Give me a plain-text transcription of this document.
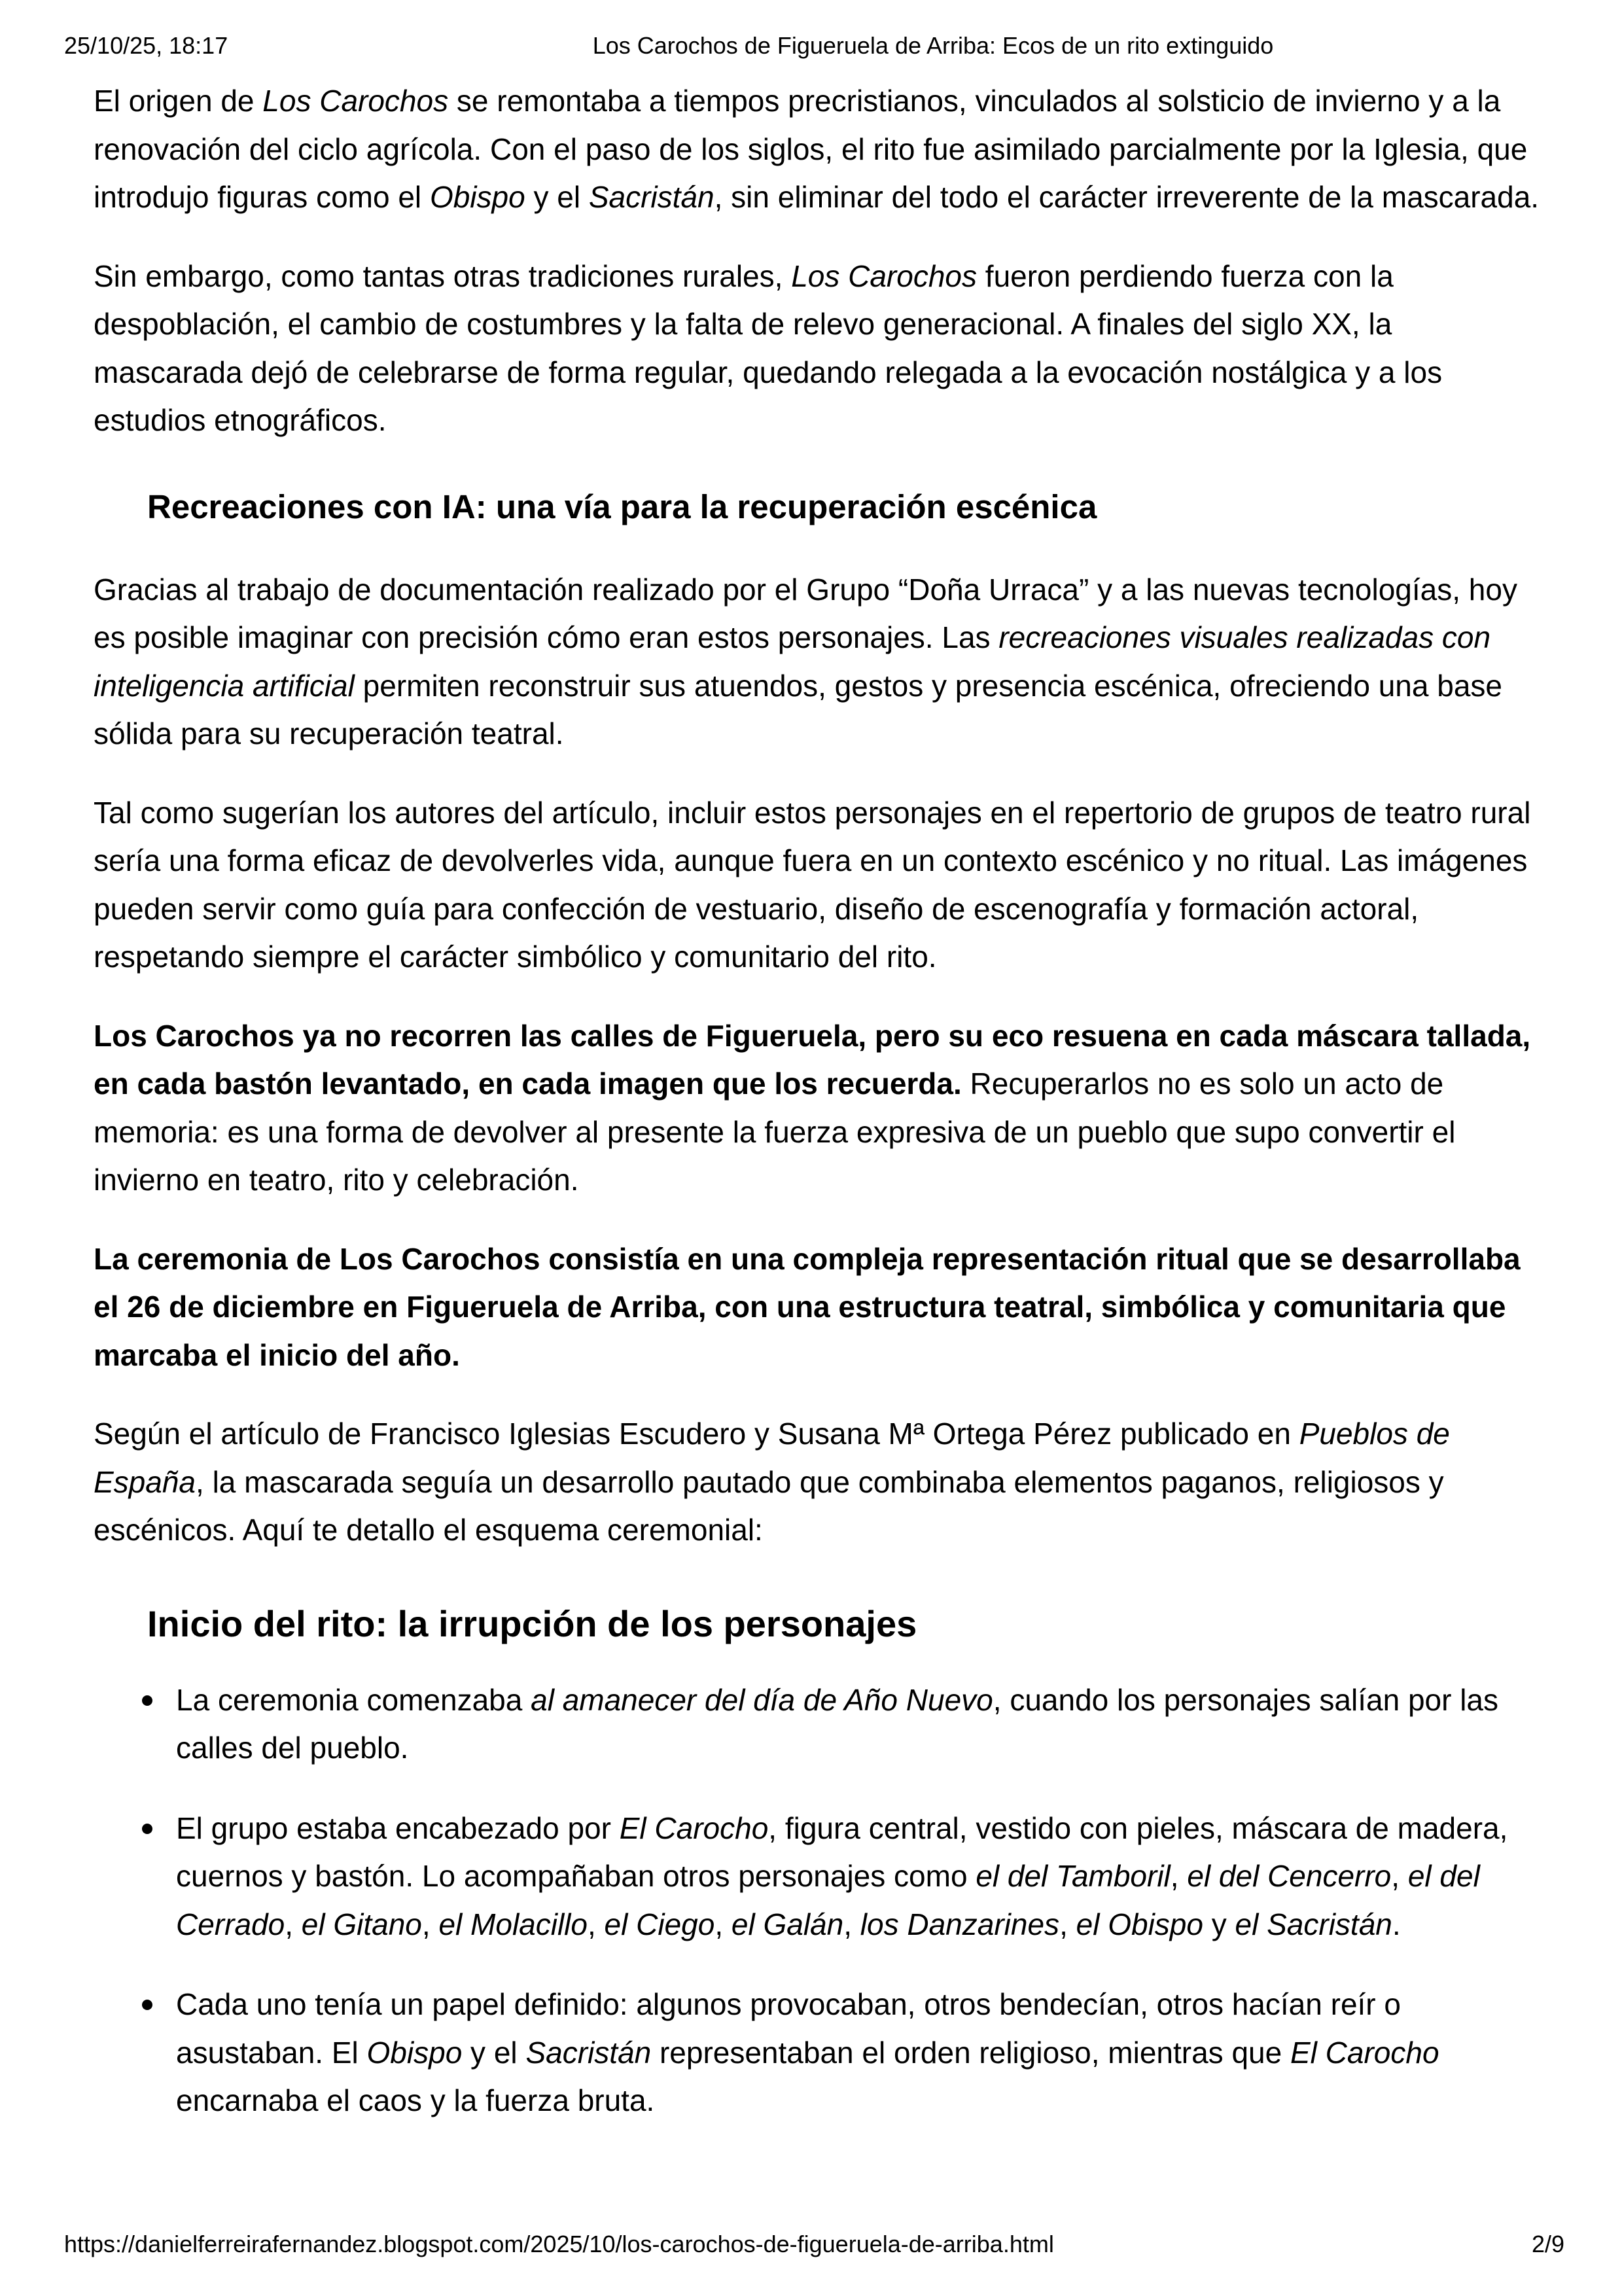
25/10/25, 18:17	Los Carochos de Figueruela de Arriba: Ecos de un rito extinguido

El origen de Los Carochos se remontaba a tiempos precristianos, vinculados al solsticio de invierno y a la renovación del ciclo agrícola. Con el paso de los siglos, el rito fue asimilado parcialmente por la Iglesia, que introdujo figuras como el Obispo y el Sacristán, sin eliminar del todo el carácter irreverente de la mascarada.

Sin embargo, como tantas otras tradiciones rurales, Los Carochos fueron perdiendo fuerza con la despoblación, el cambio de costumbres y la falta de relevo generacional. A finales del siglo XX, la mascarada dejó de celebrarse de forma regular, quedando relegada a la evocación nostálgica y a los estudios etnográficos.

Recreaciones con IA: una vía para la recuperación escénica

Gracias al trabajo de documentación realizado por el Grupo “Doña Urraca” y a las nuevas tecnologías, hoy es posible imaginar con precisión cómo eran estos personajes. Las recreaciones visuales realizadas con inteligencia artificial permiten reconstruir sus atuendos, gestos y presencia escénica, ofreciendo una base sólida para su recuperación teatral.

Tal como sugerían los autores del artículo, incluir estos personajes en el repertorio de grupos de teatro rural sería una forma eficaz de devolverles vida, aunque fuera en un contexto escénico y no ritual. Las imágenes pueden servir como guía para confección de vestuario, diseño de escenografía y formación actoral, respetando siempre el carácter simbólico y comunitario del rito.

Los Carochos ya no recorren las calles de Figueruela, pero su eco resuena en cada máscara tallada, en cada bastón levantado, en cada imagen que los recuerda. Recuperarlos no es solo un acto de memoria: es una forma de devolver al presente la fuerza expresiva de un pueblo que supo convertir el invierno en teatro, rito y celebración.

La ceremonia de Los Carochos consistía en una compleja representación ritual que se desarrollaba el 26 de diciembre en Figueruela de Arriba, con una estructura teatral, simbólica y comunitaria que marcaba el inicio del año.

Según el artículo de Francisco Iglesias Escudero y Susana Mª Ortega Pérez publicado en Pueblos de España, la mascarada seguía un desarrollo pautado que combinaba elementos paganos, religiosos y escénicos. Aquí te detallo el esquema ceremonial:

Inicio del rito: la irrupción de los personajes
La ceremonia comenzaba al amanecer del día de Año Nuevo, cuando los personajes salían por las calles del pueblo.
El grupo estaba encabezado por El Carocho, figura central, vestido con pieles, máscara de madera, cuernos y bastón. Lo acompañaban otros personajes como el del Tamboril, el del Cencerro, el del Cerrado, el Gitano, el Molacillo, el Ciego, el Galán, los Danzarines, el Obispo y el Sacristán.
Cada uno tenía un papel definido: algunos provocaban, otros bendecían, otros hacían reír o asustaban. El Obispo y el Sacristán representaban el orden religioso, mientras que El Carocho encarnaba el caos y la fuerza bruta.
https://danielferreirafernandez.blogspot.com/2025/10/los-carochos-de-figueruela-de-arriba.html	2/9
